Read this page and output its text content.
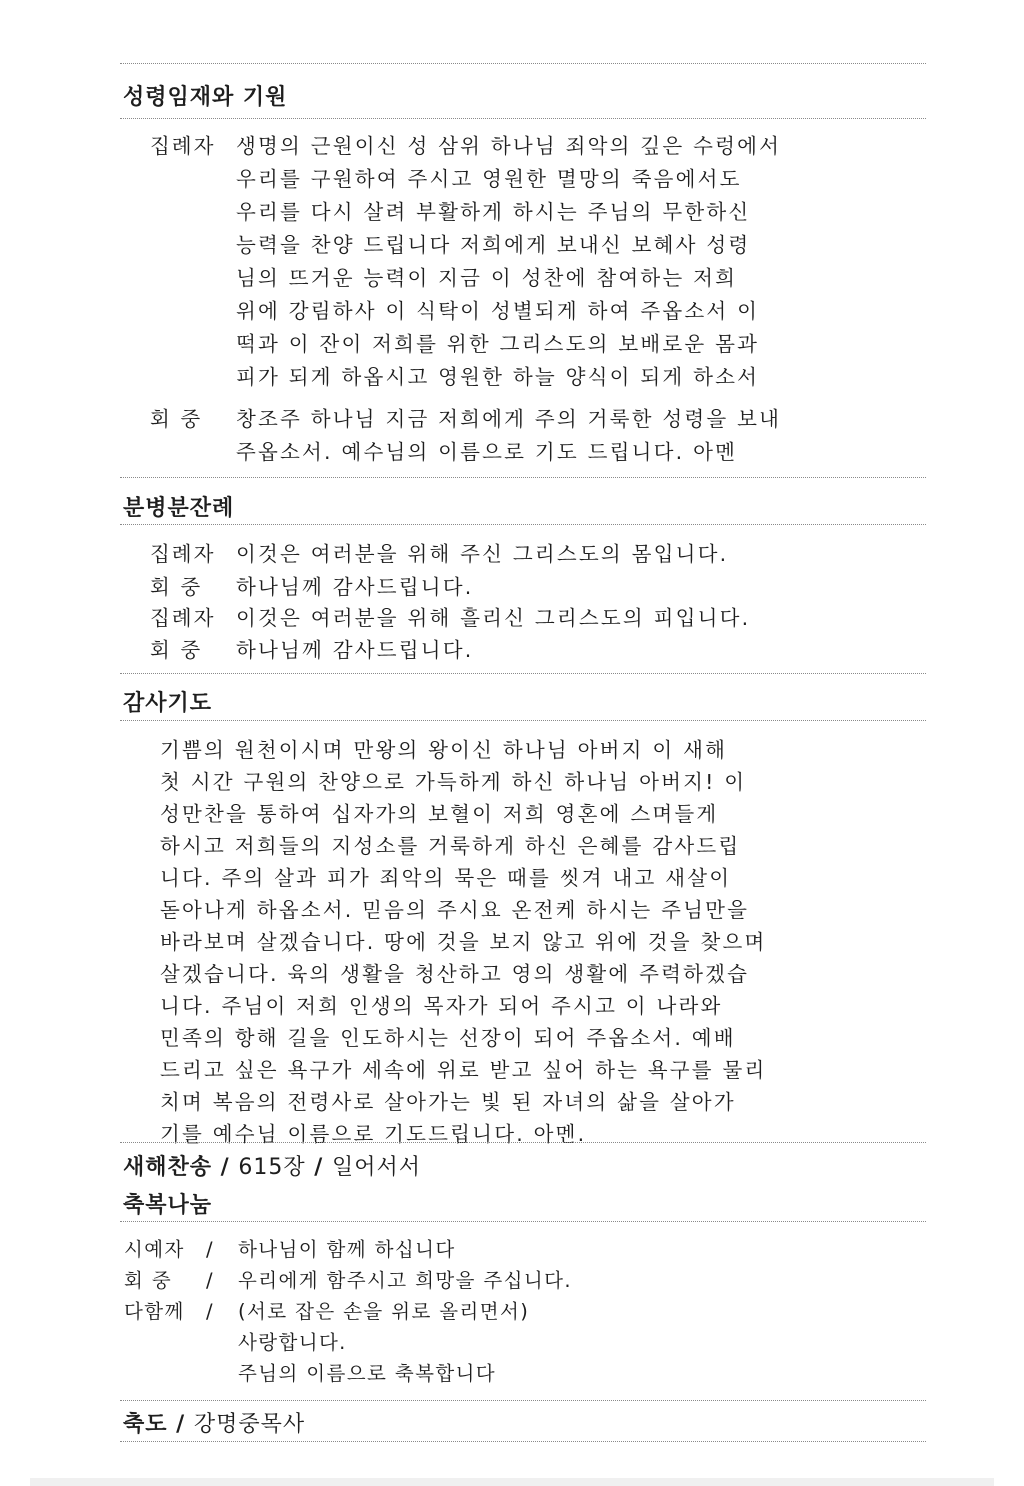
성령임재와 기원
집례자 생명의 근원이신 성 삼위 하나님 죄악의 깊은 수렁에서
우리를 구원하여 주시고 영원한 멸망의 죽음에서도
우리를 다시 살려 부활하게 하시는 주님의 무한하신
능력을 찬양 드립니다 저희에게 보내신 보혜사 성령
님의 뜨거운 능력이 지금 이 성찬에 참여하는 저희
위에 강림하사 이 식탁이 성별되게 하여 주옵소서 이
떡과 이 잔이 저희를 위한 그리스도의 보배로운 몸과
피가 되게 하옵시고 영원한 하늘 양식이 되게 하소서
회 중 창조주 하나님 지금 저희에게 주의 거룩한 성령을 보내
주옵소서. 예수님의 이름으로 기도 드립니다. 아멘
분병분잔례
집례자 이것은 여러분을 위해 주신 그리스도의 몸입니다.
회 중 하나님께 감사드립니다.
집례자 이것은 여러분을 위해 흘리신 그리스도의 피입니다.
회 중 하나님께 감사드립니다.
감사기도
기쁨의 원천이시며 만왕의 왕이신 하나님 아버지 이 새해
첫 시간 구원의 찬양으로 가득하게 하신 하나님 아버지! 이
성만찬을 통하여 십자가의 보혈이 저희 영혼에 스며들게
하시고 저희들의 지성소를 거룩하게 하신 은혜를 감사드립
니다. 주의 살과 피가 죄악의 묵은 때를 씻겨 내고 새살이
돋아나게 하옵소서. 믿음의 주시요 온전케 하시는 주님만을
바라보며 살겠습니다. 땅에 것을 보지 않고 위에 것을 찾으며
살겠습니다. 육의 생활을 청산하고 영의 생활에 주력하겠습
니다. 주님이 저희 인생의 목자가 되어 주시고 이 나라와
민족의 항해 길을 인도하시는 선장이 되어 주옵소서. 예배
드리고 싶은 욕구가 세속에 위로 받고 싶어 하는 욕구를 물리
치며 복음의 전령사로 살아가는 빛 된 자녀의 삶을 살아가
기를 예수님 이름으로 기도드립니다. 아멘.
새해찬송 / 615장 / 일어서서
축복나눔
시예자 / 하나님이 함께 하십니다
회 중 / 우리에게 함주시고 희망을 주십니다.
다함께 / (서로 잡은 손을 위로 올리면서)
사랑합니다.
주님의 이름으로 축복합니다
축도 / 강명중목사
